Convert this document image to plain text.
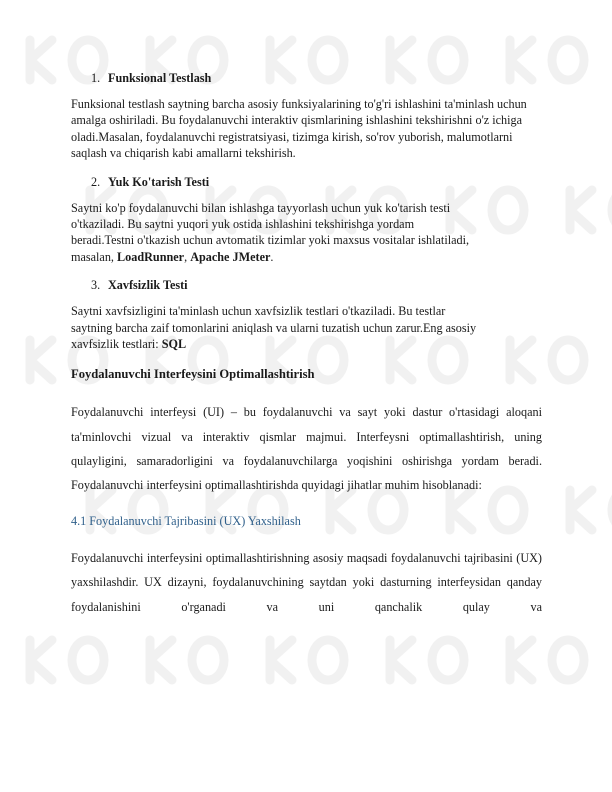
1. Funksional Testlash

Funksional testlash saytning barcha asosiy funksiyalarining to'g'ri ishlashini ta'minlash uchun amalga oshiriladi. Bu foydalanuvchi interaktiv qismlarining ishlashini tekshirishni o'z ichiga oladi.Masalan, foydalanuvchi registratsiyasi, tizimga kirish, so'rov yuborish, malumotlarni saqlash va chiqarish kabi amallarni tekshirish.

2. Yuk Ko'tarish Testi

Saytni ko'p foydalanuvchi bilan ishlashga tayyorlash uchun yuk ko'tarish testi
o'tkaziladi. Bu saytni yuqori yuk ostida ishlashini tekshirishga yordam
beradi.Testni o'tkazish uchun avtomatik tizimlar yoki maxsus vositalar ishlatiladi,
masalan, LoadRunner, Apache JMeter.

3. Xavfsizlik Testi

Saytni xavfsizligini ta'minlash uchun xavfsizlik testlari o'tkaziladi. Bu testlar
saytning barcha zaif tomonlarini aniqlash va ularni tuzatish uchun zarur.Eng asosiy
xavfsizlik testlari: SQL

Foydalanuvchi Interfeysini Optimallashtirish

Foydalanuvchi interfeysi (UI) – bu foydalanuvchi va sayt yoki dastur o'rtasidagi aloqani ta'minlovchi vizual va interaktiv qismlar majmui. Interfeysni optimallashtirish, uning qulayligini, samaradorligini va foydalanuvchilarga yoqishini oshirishga yordam beradi. Foydalanuvchi interfeysini optimallashtirishda quyidagi jihatlar muhim hisoblanadi:

4.1 Foydalanuvchi Tajribasini (UX) Yaxshilash

Foydalanuvchi interfeysini optimallashtirishning asosiy maqsadi foydalanuvchi tajribasini (UX) yaxshilashdir. UX dizayni, foydalanuvchining saytdan yoki dasturning interfeysidan qanday foydalanishini o'rganadi va uni qanchalik qulay va
